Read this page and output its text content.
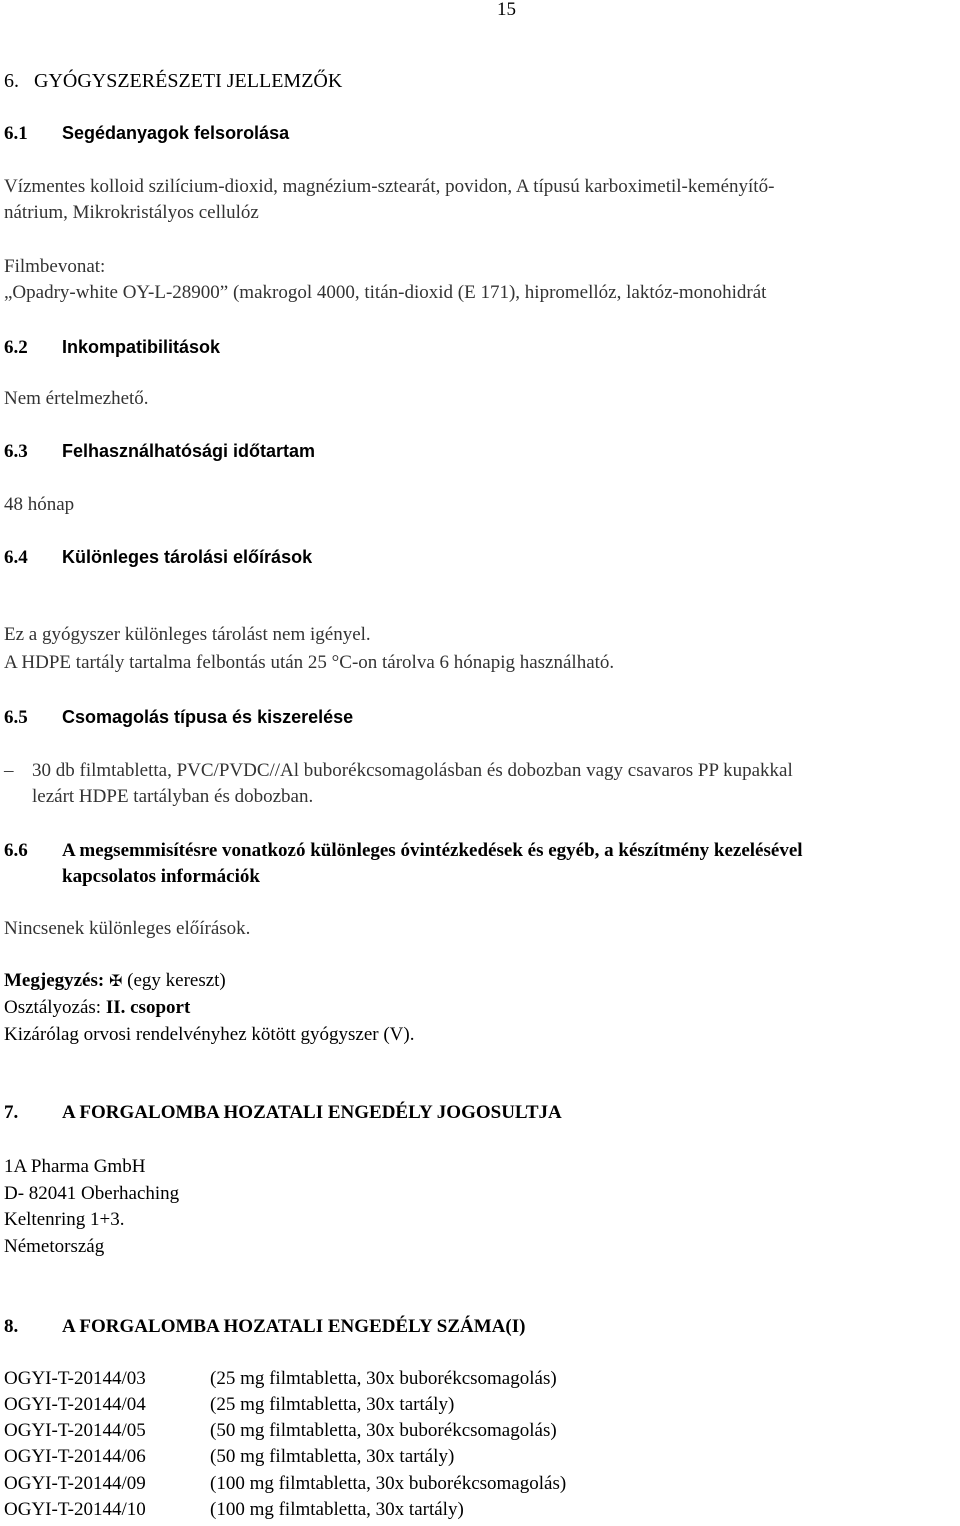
15
6.   GYÓGYSZERÉSZETI JELLEMZŐK
6.1 Segédanyagok felsorolása
Vízmentes kolloid szilícium-dioxid, magnézium-sztearát, povidon, A típusú karboximetil-keményítő-
nátrium, Mikrokristályos cellulóz
Filmbevonat:
„Opadry-white OY-L-28900” (makrogol 4000, titán-dioxid (E 171), hipromellóz, laktóz-monohidrát
6.2 Inkompatibilitások
Nem értelmezhető.
6.3 Felhasználhatósági időtartam
48 hónap
6.4 Különleges tárolási előírások
Ez a gyógyszer különleges tárolást nem igényel.
A HDPE tartály tartalma felbontás után 25 °C-on tárolva 6 hónapig használható.
6.5 Csomagolás típusa és kiszerelése
– 30 db filmtabletta, PVC/PVDC//Al buborékcsomagolásban és dobozban vagy csavaros PP kupakkal
lezárt HDPE tartályban és dobozban.
6.6 A megsemmisítésre vonatkozó különleges óvintézkedések és egyéb, a készítmény kezelésével
kapcsolatos információk
Nincsenek különleges előírások.
Megjegyzés: ✠ (egy kereszt)
Osztályozás: II. csoport
Kizárólag orvosi rendelvényhez kötött gyógyszer (V).
7. A FORGALOMBA HOZATALI ENGEDÉLY JOGOSULTJA
1A Pharma GmbH
D- 82041 Oberhaching
Keltenring 1+3.
Németország
8. A FORGALOMBA HOZATALI ENGEDÉLY SZÁMA(I)
OGYI-T-20144/03	(25 mg filmtabletta, 30x buborékcsomagolás)
OGYI-T-20144/04	(25 mg filmtabletta, 30x tartály)
OGYI-T-20144/05	(50 mg filmtabletta, 30x buborékcsomagolás)
OGYI-T-20144/06	(50 mg filmtabletta, 30x tartály)
OGYI-T-20144/09	(100 mg filmtabletta, 30x buborékcsomagolás)
OGYI-T-20144/10	(100 mg filmtabletta, 30x tartály)
